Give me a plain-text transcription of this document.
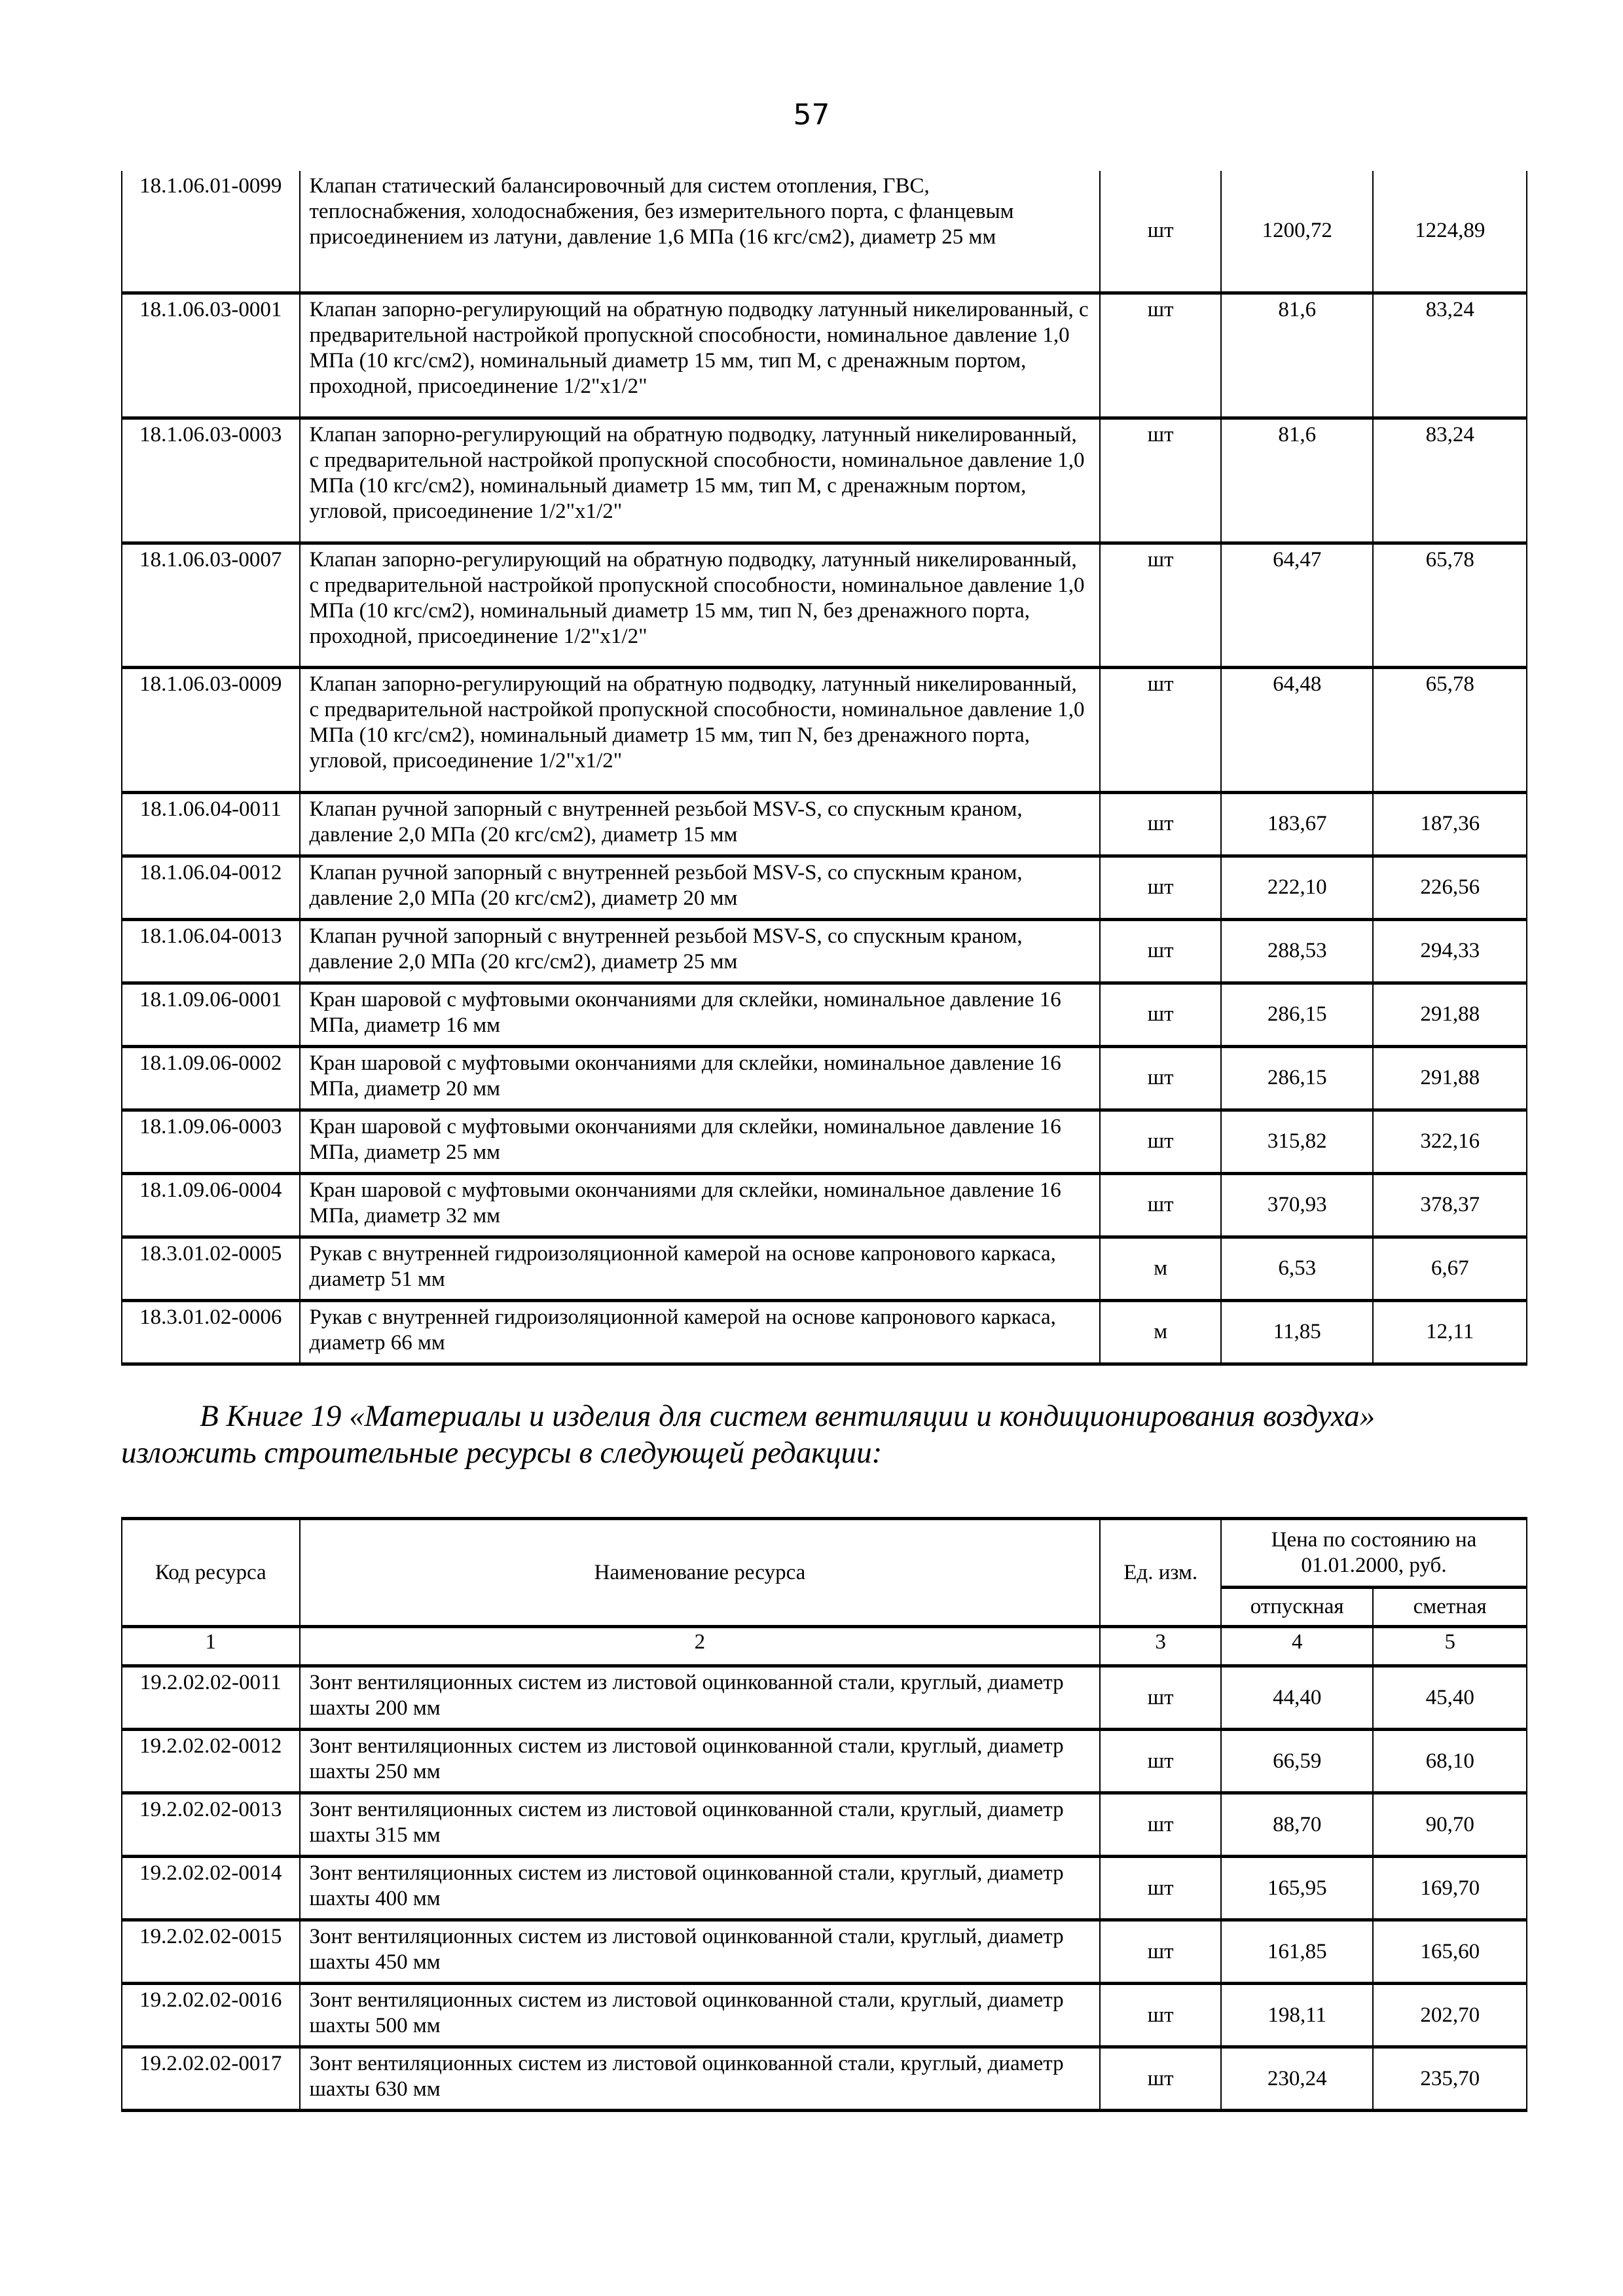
57
18.1.06.01-0099	Клапан статический балансировочный для систем отопления, ГВС, теплоснабжения, холодоснабжения, без измерительного порта, с фланцевым присоединением из латуни, давление 1,6 МПа (16 кгс/см2), диаметр 25 мм	шт	1200,72	1224,89
18.1.06.03-0001	Клапан запорно-регулирующий на обратную подводку латунный никелированный, с предварительной настройкой пропускной способности, номинальное давление 1,0 МПа (10 кгс/см2), номинальный диаметр 15 мм, тип М, с дренажным портом, проходной, присоединение 1/2"x1/2"	шт	81,6	83,24
18.1.06.03-0003	Клапан запорно-регулирующий на обратную подводку, латунный никелированный, с предварительной настройкой пропускной способности, номинальное давление 1,0 МПа (10 кгс/см2), номинальный диаметр 15 мм, тип М, с дренажным портом, угловой, присоединение 1/2"x1/2"	шт	81,6	83,24
18.1.06.03-0007	Клапан запорно-регулирующий на обратную подводку, латунный никелированный, с предварительной настройкой пропускной способности, номинальное давление 1,0 МПа (10 кгс/см2), номинальный диаметр 15 мм, тип N, без дренажного порта, проходной, присоединение 1/2"x1/2"	шт	64,47	65,78
18.1.06.03-0009	Клапан запорно-регулирующий на обратную подводку, латунный никелированный, с предварительной настройкой пропускной способности, номинальное давление 1,0 МПа (10 кгс/см2), номинальный диаметр 15 мм, тип N, без дренажного порта, угловой, присоединение 1/2"x1/2"	шт	64,48	65,78
18.1.06.04-0011	Клапан ручной запорный с внутренней резьбой MSV-S, со спускным краном, давление 2,0 МПа (20 кгс/см2), диаметр 15 мм	шт	183,67	187,36
18.1.06.04-0012	Клапан ручной запорный с внутренней резьбой MSV-S, со спускным краном, давление 2,0 МПа (20 кгс/см2), диаметр 20 мм	шт	222,10	226,56
18.1.06.04-0013	Клапан ручной запорный с внутренней резьбой MSV-S, со спускным краном, давление 2,0 МПа (20 кгс/см2), диаметр 25 мм	шт	288,53	294,33
18.1.09.06-0001	Кран шаровой с муфтовыми окончаниями для склейки, номинальное давление 16 МПа, диаметр 16 мм	шт	286,15	291,88
18.1.09.06-0002	Кран шаровой с муфтовыми окончаниями для склейки, номинальное давление 16 МПа, диаметр 20 мм	шт	286,15	291,88
18.1.09.06-0003	Кран шаровой с муфтовыми окончаниями для склейки, номинальное давление 16 МПа, диаметр 25 мм	шт	315,82	322,16
18.1.09.06-0004	Кран шаровой с муфтовыми окончаниями для склейки, номинальное давление 16 МПа, диаметр 32 мм	шт	370,93	378,37
18.3.01.02-0005	Рукав с внутренней гидроизоляционной камерой на основе капронового каркаса, диаметр 51 мм	м	6,53	6,67
18.3.01.02-0006	Рукав с внутренней гидроизоляционной камерой на основе капронового каркаса, диаметр 66 мм	м	11,85	12,11
В Книге 19 «Материалы и изделия для систем вентиляции и кондиционирования воздуха»
изложить строительные ресурсы в следующей редакции:
Код ресурса	Наименование ресурса	Ед. изм.	Цена по состоянию на 01.01.2000, руб.	
			отпускная	сметная
1	2	3	4	5
19.2.02.02-0011	Зонт вентиляционных систем из листовой оцинкованной стали, круглый, диаметр шахты 200 мм	шт	44,40	45,40
19.2.02.02-0012	Зонт вентиляционных систем из листовой оцинкованной стали, круглый, диаметр шахты 250 мм	шт	66,59	68,10
19.2.02.02-0013	Зонт вентиляционных систем из листовой оцинкованной стали, круглый, диаметр шахты 315 мм	шт	88,70	90,70
19.2.02.02-0014	Зонт вентиляционных систем из листовой оцинкованной стали, круглый, диаметр шахты 400 мм	шт	165,95	169,70
19.2.02.02-0015	Зонт вентиляционных систем из листовой оцинкованной стали, круглый, диаметр шахты 450 мм	шт	161,85	165,60
19.2.02.02-0016	Зонт вентиляционных систем из листовой оцинкованной стали, круглый, диаметр шахты 500 мм	шт	198,11	202,70
19.2.02.02-0017	Зонт вентиляционных систем из листовой оцинкованной стали, круглый, диаметр шахты 630 мм	шт	230,24	235,70
